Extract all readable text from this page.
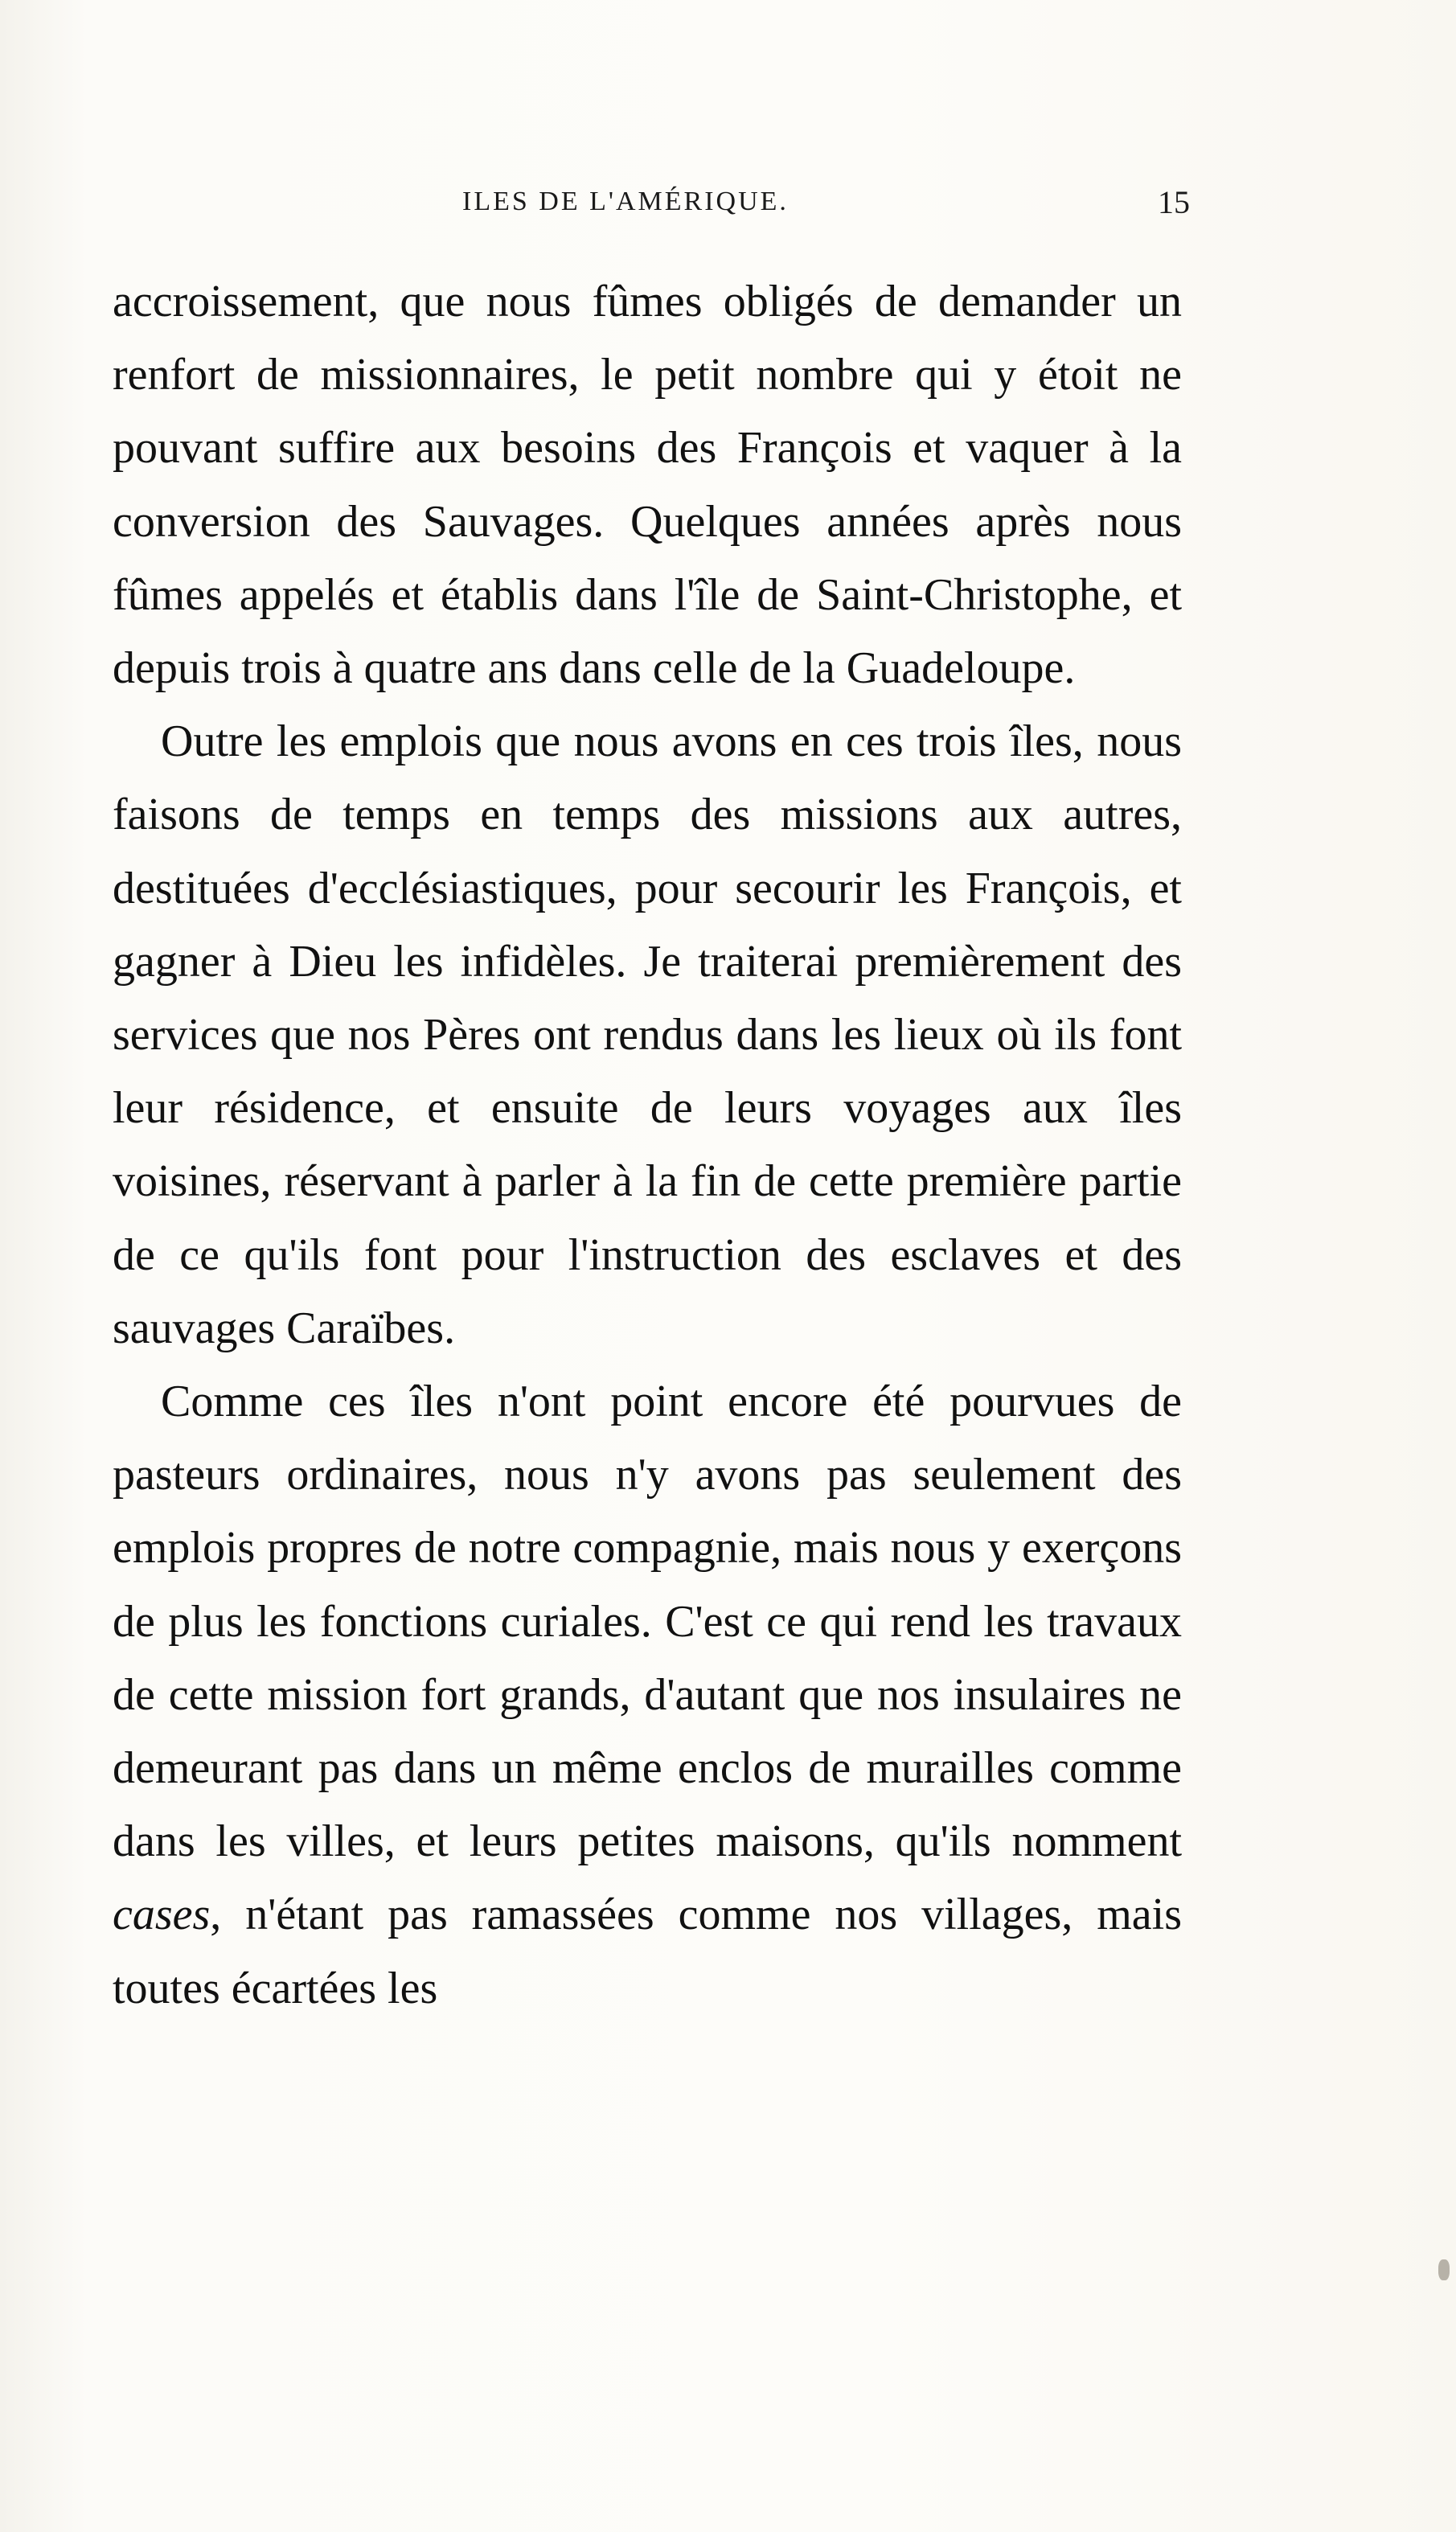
ILES DE L'AMÉRIQUE.	15

accroissement, que nous fûmes obligés de demander un renfort de missionnaires, le petit nombre qui y étoit ne pouvant suffire aux besoins des François et vaquer à la conversion des Sauvages. Quelques années après nous fûmes appelés et établis dans l'île de Saint-Christophe, et depuis trois à quatre ans dans celle de la Guadeloupe.

Outre les emplois que nous avons en ces trois îles, nous faisons de temps en temps des missions aux autres, destituées d'ecclésiastiques, pour secourir les François, et gagner à Dieu les infidèles. Je traiterai premièrement des services que nos Pères ont rendus dans les lieux où ils font leur résidence, et ensuite de leurs voyages aux îles voisines, réservant à parler à la fin de cette première partie de ce qu'ils font pour l'instruction des esclaves et des sauvages Caraïbes.

Comme ces îles n'ont point encore été pourvues de pasteurs ordinaires, nous n'y avons pas seulement des emplois propres de notre compagnie, mais nous y exerçons de plus les fonctions curiales. C'est ce qui rend les travaux de cette mission fort grands, d'autant que nos insulaires ne demeurant pas dans un même enclos de murailles comme dans les villes, et leurs petites maisons, qu'ils nomment cases, n'étant pas ramassées comme nos villages, mais toutes écartées les
